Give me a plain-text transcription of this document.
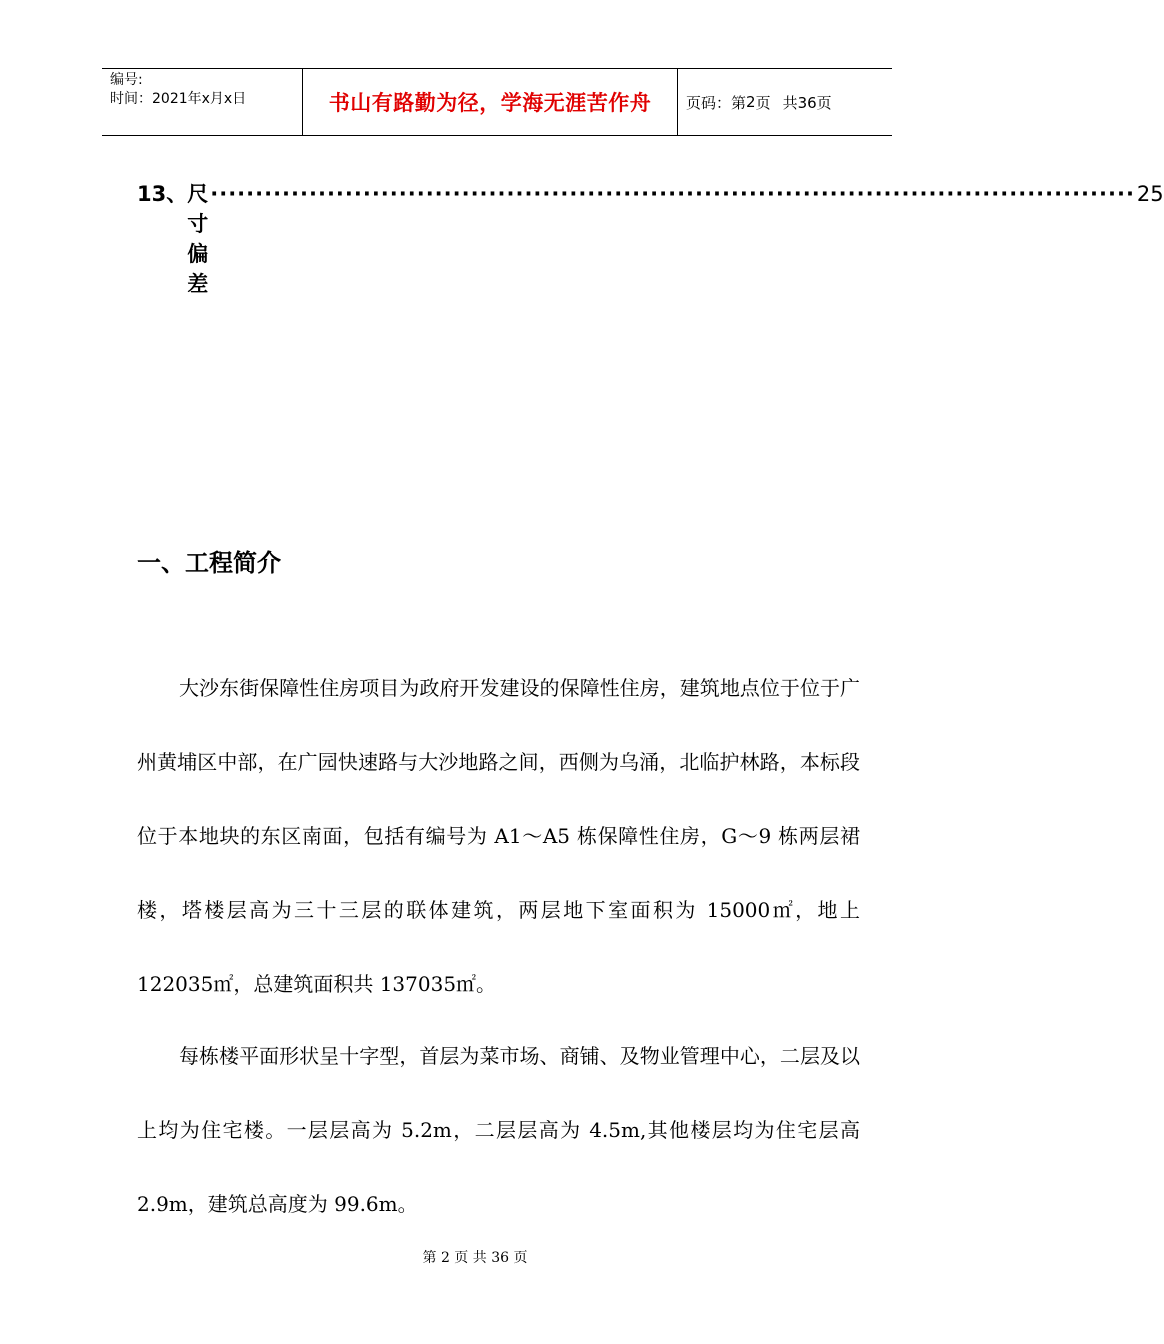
编号:
时间：2021年x月x日	书山有路勤为径，学海无涯苦作舟	页码：第 2 页 共36页
13、 尺寸偏差
······································································································· 25
一、工程简介

大沙东街保障性住房项目为政府开发建设的保障性住房，建筑地点位于位于广州黄埔区中部，在广园快速路与大沙地路之间，西侧为乌涌，北临护林路，本标段位于本地块的东区南面，包括有编号为 A1～A5 栋保障性住房，G～9 栋两层裙楼，塔楼层高为三十三层的联体建筑，两层地下室面积为 15000㎡，地上 122035㎡，总建筑面积共 137035㎡。

每栋楼平面形状呈十字型，首层为菜市场、商铺、及物业管理中心，二层及以上均为住宅楼。一层层高为 5.2m，二层层高为 4.5m,其他楼层均为住宅层高 2.9m，建筑总高度为 99.6m。

第 2 页 共 36 页
